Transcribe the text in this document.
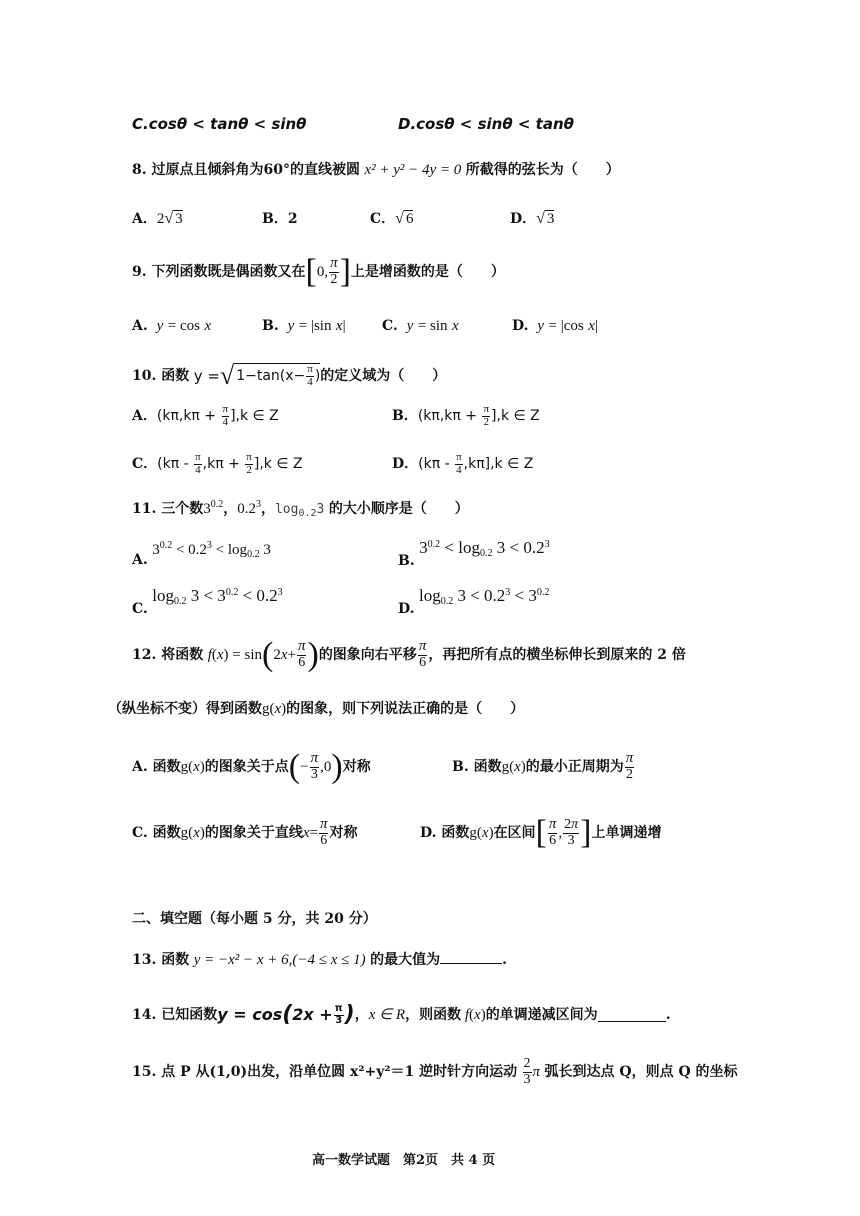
C.cosθ < tanθ < sinθ	D.cosθ < sinθ < tanθ
8. 过原点且倾斜角为60°的直线被圆 x² + y² − 4y = 0 所截得的弦长为（　　）
A．2√ 3	B．2	C．√ 6	D．√ 3
9. 下列函数既是偶函数又在 [ 0, $\frac{\pi}{2}$ ] 上是增函数的是（　　）
A. y = cos x	B. y = |sin x|	C. y = sin x	D. y = |cos x|
10. 函数
y = √ $1-\tan(x- \frac{\pi}{4}$ ) 的定义域为（　　）
A．$(k\pi,k\pi + \frac{\pi}{4} ],k$ ∈ Z	B．$(k\pi,k\pi + \frac{\pi}{2} ],k$ ∈ Z
C．$(k\pi - \frac{\pi}{4} ,k\pi + \frac{\pi}{2} ],k$ ∈ Z	D．$(k\pi - \frac{\pi}{4} ,k\pi],k$ ∈ Z
11. 三个数$3^{0.2}$，$0.2^3$，$\log_{0.2}3$ 的大小顺序是（　　）
A. $3^{0.2} < 0.2^3 < \log_{0.2} 3$
B. $3^{0.2} < \log_{0.2} 3 < 0.2^3$
C. $\log_{0.2} 3 < 3^{0.2} < 0.2^3$
D. $\log_{0.2} 3 < 0.2^3 < 3^{0.2}$
12. 将函数
f ( x ) = sin ( 2 $x + \frac{\pi}{6}$ ) 的图象向右平移 $\frac{\pi}{6}$ ，再把所有点的横坐标伸长到原来的 2 倍
（纵坐标不变）得到函数g(x)的图象，则下列说法正确的是（　　）
A. 函数 g( x ) 的图象关于点 ( − $\frac{\pi}{3} ,0$ ) 对称	B. 函数 g( x ) 的最小正周期为 $\frac{\pi}{2}$
C. 函数 g( x ) 的图象关于直线 $x = \frac{\pi}{6}$ 对称	D. 函数 g( x ) 在区间 [ $\frac{\pi}{6}$ , $\frac{2\pi}{3}$ ] 上单调递增
二、填空题（每小题 5 分，共 20 分）
13. 函数 y = −x² − x + 6,(−4 ≤ x ≤ 1) 的最大值为	.
14. 已知函数 y = cos ( $2x + \frac{\pi}{3}$ ) ， x ∈ R ，则函数 f ( x ) 的单调递减区间为	.
15. 点 P 从(1,0)出发，沿单位圆 x²+y²＝1 逆时针方向运动
$\frac{2}{3}$ π
弧长到达点 Q，则点 Q 的坐标
高一数学试题　第2页　共 4 页
